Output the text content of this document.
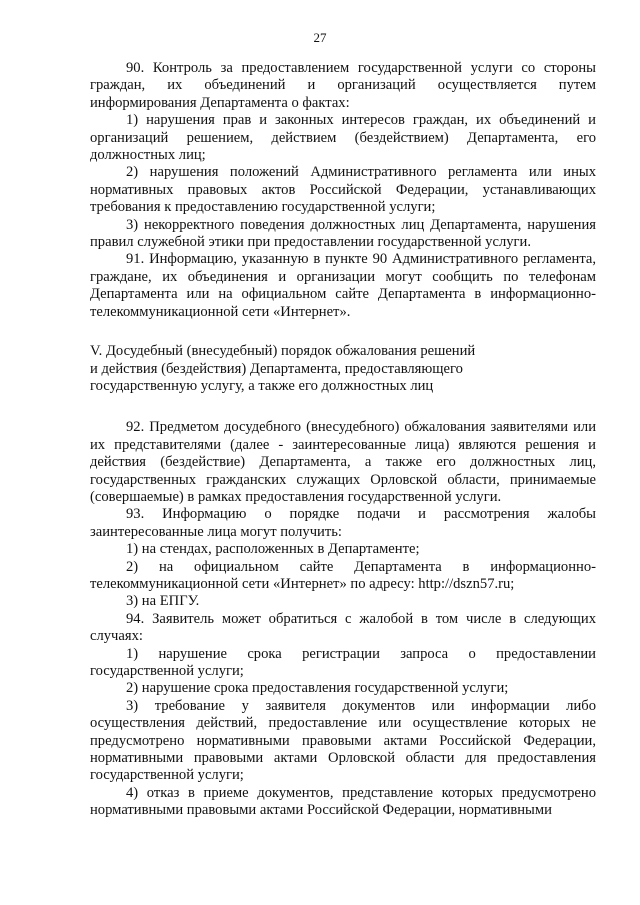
27

90. Контроль за предоставлением государственной услуги со стороны граждан, их объединений и организаций осуществляется путем информирования Департамента о фактах:

1) нарушения прав и законных интересов граждан, их объединений и организаций решением, действием (бездействием) Департамента, его должностных лиц;

2) нарушения положений Административного регламента или иных нормативных правовых актов Российской Федерации, устанавливающих требования к предоставлению государственной услуги;

3) некорректного поведения должностных лиц Департамента, нарушения правил служебной этики при предоставлении государственной услуги.

91. Информацию, указанную в пункте 90 Административного регламента, граждане, их объединения и организации могут сообщить по телефонам Департамента или на официальном сайте Департамента в информационно-телекоммуникационной сети «Интернет».

V. Досудебный (внесудебный) порядок обжалования решений
и действия (бездействия) Департамента, предоставляющего
государственную услугу, а также его должностных лиц

92. Предметом досудебного (внесудебного) обжалования заявителями или их представителями (далее - заинтересованные лица) являются решения и действия (бездействие) Департамента, а также его должностных лиц, государственных гражданских служащих Орловской области, принимаемые (совершаемые) в рамках предоставления государственной услуги.

93. Информацию о порядке подачи и рассмотрения жалобы заинтересованные лица могут получить:

1) на стендах, расположенных в Департаменте;

2) на официальном сайте Департамента в информационно-телекоммуникационной сети «Интернет» по адресу: http://dszn57.ru;

3) на ЕПГУ.

94. Заявитель может обратиться с жалобой в том числе в следующих случаях:

1) нарушение срока регистрации запроса о предоставлении государственной услуги;

2) нарушение срока предоставления государственной услуги;

3) требование у заявителя документов или информации либо осуществления действий, предоставление или осуществление которых не предусмотрено нормативными правовыми актами Российской Федерации, нормативными правовыми актами Орловской области для предоставления государственной услуги;

4) отказ в приеме документов, представление которых предусмотрено нормативными правовыми актами Российской Федерации, нормативными
